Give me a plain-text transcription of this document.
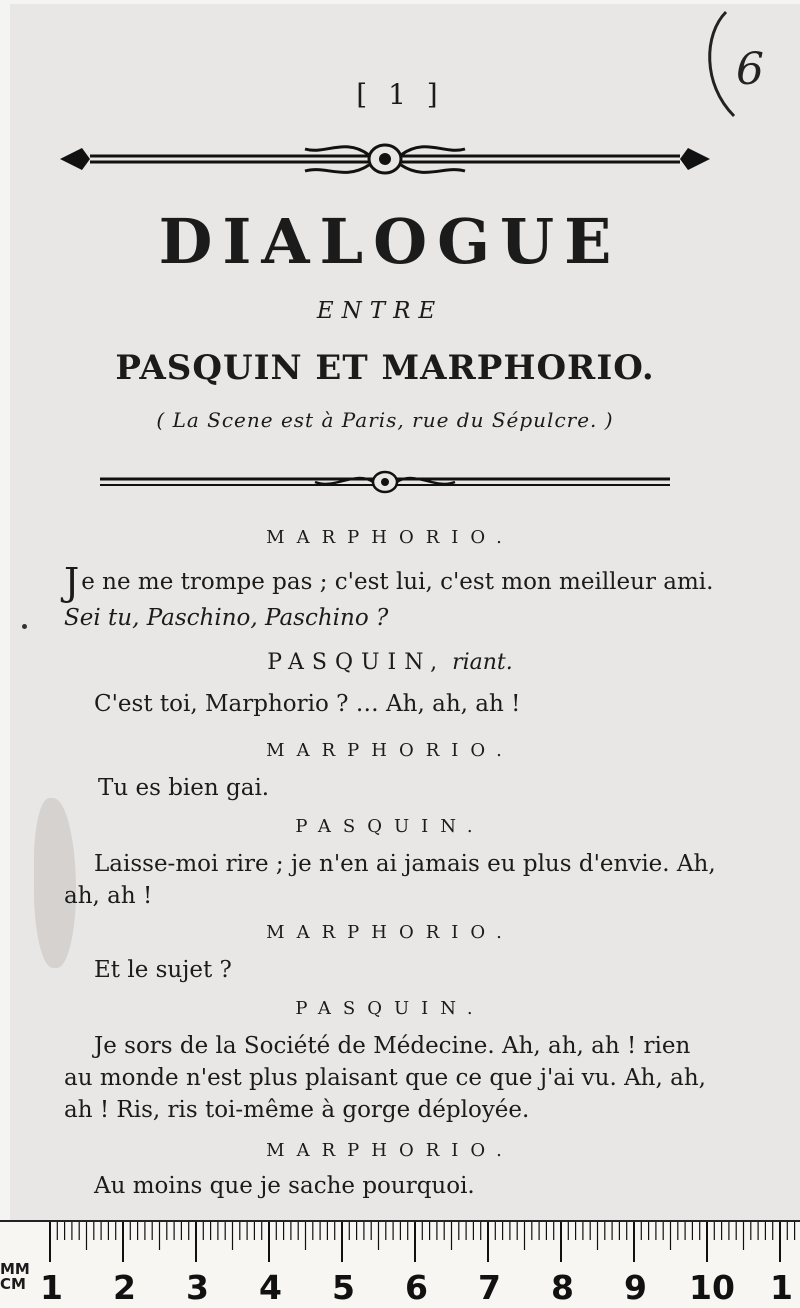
[ 1 ]	6
DIALOGUE
ENTRE
PASQUIN ET MARPHORIO.
( La Scene est à Paris, rue du Sépulcre. )
MARPHORIO.
Je ne me trompe pas ; c'est lui, c'est mon meilleur ami.
Sei tu, Paschino, Paschino ?
PASQUIN, riant.
C'est toi, Marphorio ? … Ah, ah, ah !
MARPHORIO.
Tu es bien gai.
PASQUIN.
Laisse-moi rire ; je n'en ai jamais eu plus d'envie. Ah, ah, ah !
MARPHORIO.
Et le sujet ?
PASQUIN.
Je sors de la Société de Médecine. Ah, ah, ah ! rien au monde n'est plus plaisant que ce que j'ai vu. Ah, ah, ah ! Ris, ris toi-même à gorge déployée.
MARPHORIO.
Au moins que je sache pourquoi.
MM
CM 1 2 3 4 5 6 7 8 9 10 1
